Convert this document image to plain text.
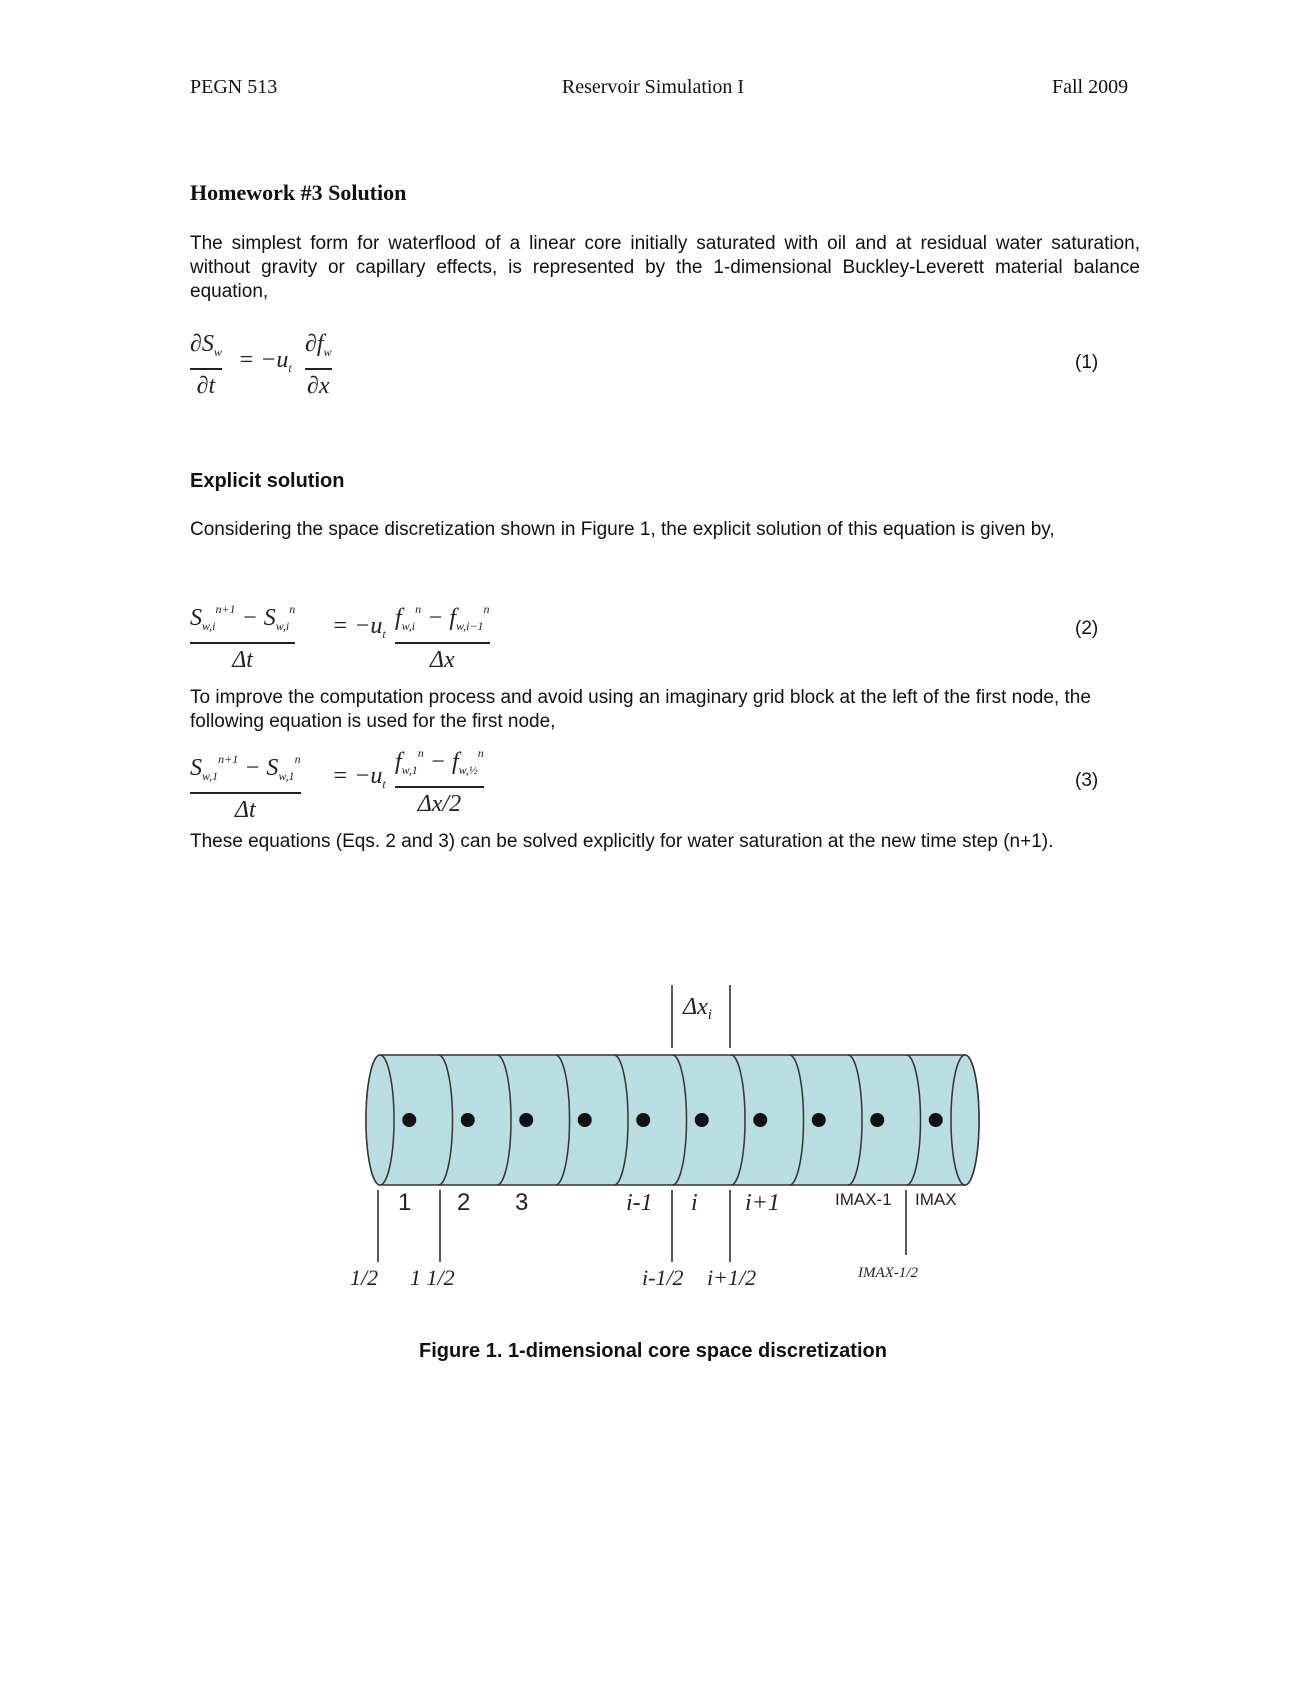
PEGN 513	Reservoir Simulation I	Fall 2009
Homework #3 Solution
The simplest form for waterflood of a linear core initially saturated with oil and at residual water saturation, without gravity or capillary effects, is represented by the 1-dimensional Buckley-Leverett material balance equation,
$\partial S_w$
∂t
= $-u_t$
$\partial f_w$
∂x
(1)
Explicit solution
Considering the space discretization shown in Figure 1, the explicit solution of this equation is given by,
$S_{w,i}^{n+1} - S_{w,i}^n$
Δt
= $-u_t$
$f_{w,i}^n - f_{w,i-1}^n$
Δx
(2)
To improve the computation process and avoid using an imaginary grid block at the left of the first node, the following equation is used for the first node,
$S_{w,1}^{n+1} - S_{w,1}^n$
Δt
= $-u_t$
$f_{w,1}^n - f_{w,\frac{1}{2}}^n$
Δx/2
(3)
These equations (Eqs. 2 and 3) can be solved explicitly for water saturation at the new time step (n+1).
$\Delta x_i$
1 2 3	i-1 i i+1	IMAX-1 IMAX
1/2 1 1/2	i-1/2 i+1/2	IMAX-1/2
Figure 1. 1-dimensional core space discretization
